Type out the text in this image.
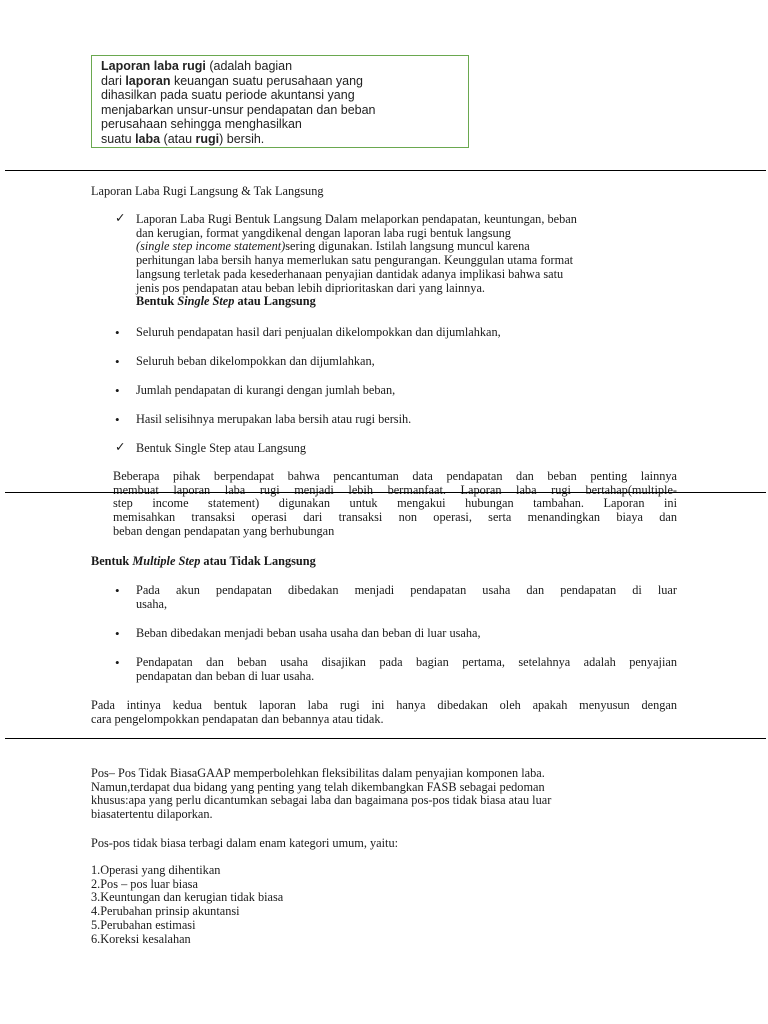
Laporan laba rugi (adalah bagian
dari laporan keuangan suatu perusahaan yang
dihasilkan pada suatu periode akuntansi yang
menjabarkan unsur-unsur pendapatan dan beban
perusahaan sehingga menghasilkan
suatu laba (atau rugi) bersih.
Laporan Laba Rugi Langsung & Tak Langsung
✓ Laporan Laba Rugi Bentuk Langsung Dalam melaporkan pendapatan, keuntungan, beban
dan kerugian, format yangdikenal dengan laporan laba rugi bentuk langsung
(single step income statement)sering digunakan. Istilah langsung muncul karena
perhitungan laba bersih hanya memerlukan satu pengurangan. Keunggulan utama format
langsung terletak pada kesederhanaan penyajian dantidak adanya implikasi bahwa satu
jenis pos pendapatan atau beban lebih diprioritaskan dari yang lainnya.
Bentuk Single Step atau Langsung
• Seluruh pendapatan hasil dari penjualan dikelompokkan dan dijumlahkan,
• Seluruh beban dikelompokkan dan dijumlahkan,
• Jumlah pendapatan di kurangi dengan jumlah beban,
• Hasil selisihnya merupakan laba bersih atau rugi bersih.
✓ Bentuk Single Step atau Langsung
Beberapa pihak berpendapat bahwa pencantuman data pendapatan dan beban penting lainnya
membuat laporan laba rugi menjadi lebih bermanfaat. Laporan laba rugi bertahap(multiple-
step income statement) digunakan untuk mengakui hubungan tambahan. Laporan ini
memisahkan transaksi operasi dari transaksi non operasi, serta menandingkan biaya dan
beban dengan pendapatan yang berhubungan
Bentuk Multiple Step atau Tidak Langsung
• Pada akun pendapatan dibedakan menjadi pendapatan usaha dan pendapatan di luar
usaha,
• Beban dibedakan menjadi beban usaha usaha dan beban di luar usaha,
• Pendapatan dan beban usaha disajikan pada bagian pertama, setelahnya adalah penyajian
pendapatan dan beban di luar usaha.
Pada intinya kedua bentuk laporan laba rugi ini hanya dibedakan oleh apakah menyusun dengan
cara pengelompokkan pendapatan dan bebannya atau tidak.
Pos– Pos Tidak BiasaGAAP memperbolehkan fleksibilitas dalam penyajian komponen laba.
Namun,terdapat dua bidang yang penting yang telah dikembangkan FASB sebagai pedoman
khusus:apa yang perlu dicantumkan sebagai laba dan bagaimana pos-pos tidak biasa atau luar
biasatertentu dilaporkan.
Pos-pos tidak biasa terbagi dalam enam kategori umum, yaitu:
1.Operasi yang dihentikan
2.Pos – pos luar biasa
3.Keuntungan dan kerugian tidak biasa
4.Perubahan prinsip akuntansi
5.Perubahan estimasi
6.Koreksi kesalahan
